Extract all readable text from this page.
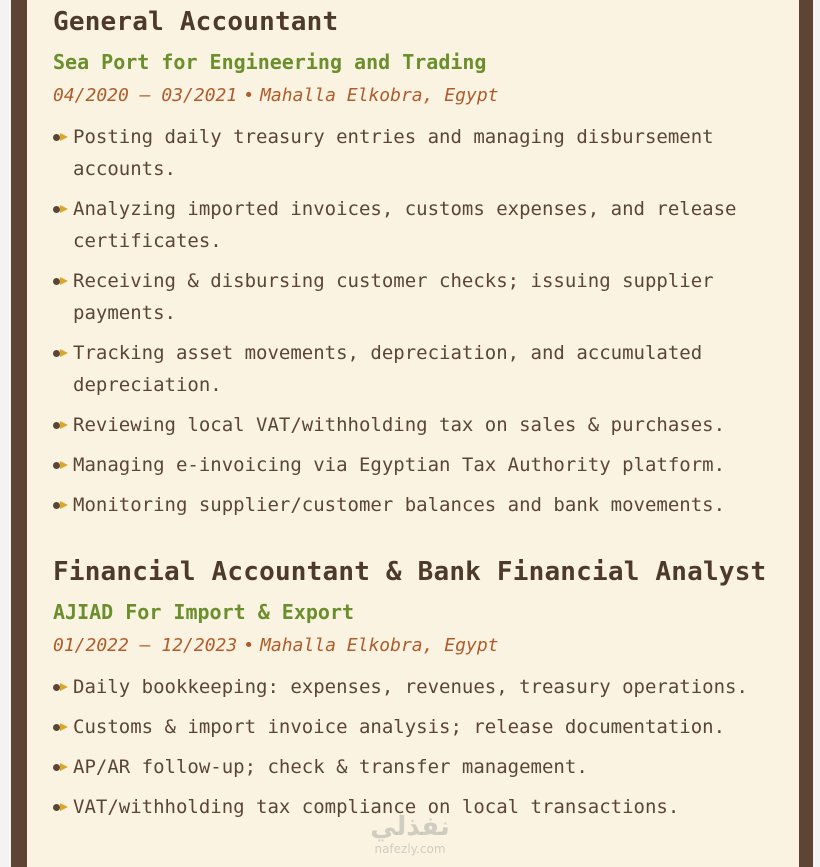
General Accountant

Sea Port for Engineering and Trading

04/2020 – 03/2021 • Mahalla Elkobra, Egypt

Posting daily treasury entries and managing disbursement accounts.
Analyzing imported invoices, customs expenses, and release certificates.
Receiving & disbursing customer checks; issuing supplier payments.
Tracking asset movements, depreciation, and accumulated depreciation.
Reviewing local VAT/withholding tax on sales & purchases.
Managing e-invoicing via Egyptian Tax Authority platform.
Monitoring supplier/customer balances and bank movements.
Financial Accountant & Bank Financial Analyst

AJIAD For Import & Export

01/2022 – 12/2023 • Mahalla Elkobra, Egypt

Daily bookkeeping: expenses, revenues, treasury operations.
Customs & import invoice analysis; release documentation.
AP/AR follow-up; check & transfer management.
VAT/withholding tax compliance on local transactions.
نفذلي
nafezly.com
